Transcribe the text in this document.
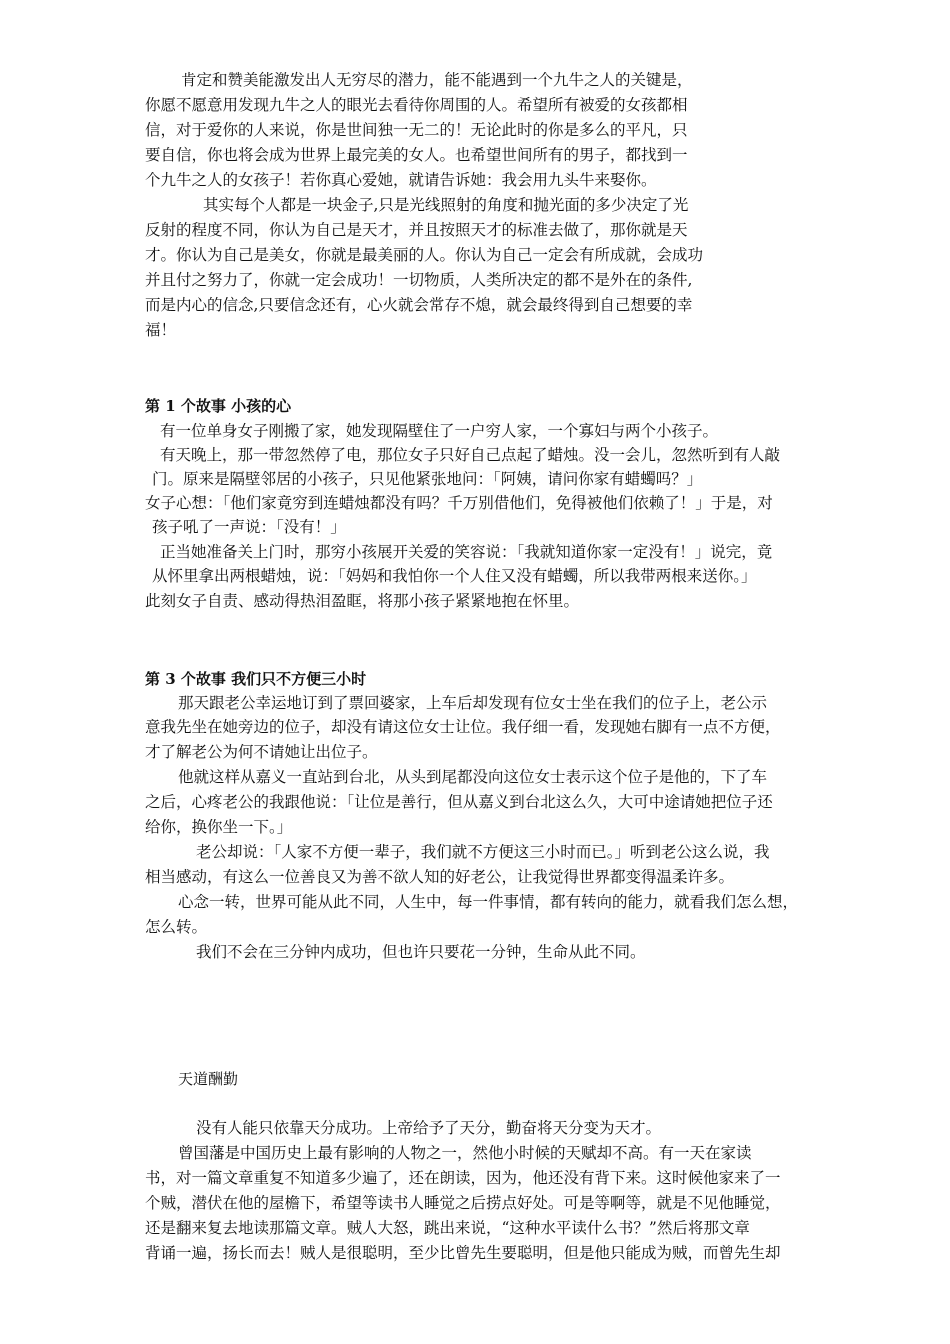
肯定和赞美能激发出人无穷尽的潜力，能不能遇到一个九牛之人的关键是，
你愿不愿意用发现九牛之人的眼光去看待你周围的人。希望所有被爱的女孩都相
信，对于爱你的人来说，你是世间独一无二的！无论此时的你是多么的平凡，只
要自信，你也将会成为世界上最完美的女人。也希望世间所有的男子，都找到一
个九牛之人的女孩子！若你真心爱她，就请告诉她：我会用九头牛来娶你。
其实每个人都是一块金子,只是光线照射的角度和抛光面的多少决定了光
反射的程度不同，你认为自己是天才，并且按照天才的标准去做了，那你就是天
才。你认为自己是美女，你就是最美丽的人。你认为自己一定会有所成就，会成功
并且付之努力了，你就一定会成功！一切物质，人类所决定的都不是外在的条件,
而是内心的信念,只要信念还有，心火就会常存不熄，就会最终得到自己想要的幸
福！
第 1 个故事 小孩的心
有一位单身女子刚搬了家，她发现隔壁住了一户穷人家，一个寡妇与两个小孩子。
有天晚上，那一带忽然停了电，那位女子只好自己点起了蜡烛。没一会儿，忽然听到有人敲
门。原来是隔壁邻居的小孩子，只见他紧张地问：「阿姨，请问你家有蜡蠋吗？」
女子心想：「他们家竟穷到连蜡烛都没有吗？千万别借他们，免得被他们依赖了！」于是，对
孩子吼了一声说：「没有！」
正当她准备关上门时，那穷小孩展开关爱的笑容说：「我就知道你家一定没有！」说完，竟
从怀里拿出两根蜡烛，说：「妈妈和我怕你一个人住又没有蜡蠋，所以我带两根来送你。」
此刻女子自责、感动得热泪盈眶，将那小孩子紧紧地抱在怀里。
第 3 个故事 我们只不方便三小时
那天跟老公幸运地订到了票回婆家，上车后却发现有位女士坐在我们的位子上，老公示
意我先坐在她旁边的位子，却没有请这位女士让位。我仔细一看，发现她右脚有一点不方便，
才了解老公为何不请她让出位子。
他就这样从嘉义一直站到台北，从头到尾都没向这位女士表示这个位子是他的，下了车
之后，心疼老公的我跟他说：「让位是善行，但从嘉义到台北这么久，大可中途请她把位子还
给你，换你坐一下。」
老公却说：「人家不方便一辈子，我们就不方便这三小时而已。」听到老公这么说，我
相当感动，有这么一位善良又为善不欲人知的好老公，让我觉得世界都变得温柔许多。
心念一转，世界可能从此不同，人生中，每一件事情，都有转向的能力，就看我们怎么想，
怎么转。
我们不会在三分钟内成功，但也许只要花一分钟，生命从此不同。
天道酬勤
没有人能只依靠天分成功。上帝给予了天分，勤奋将天分变为天才。
曾国藩是中国历史上最有影响的人物之一，然他小时候的天赋却不高。有一天在家读
书，对一篇文章重复不知道多少遍了，还在朗读，因为，他还没有背下来。这时候他家来了一
个贼，潜伏在他的屋檐下，希望等读书人睡觉之后捞点好处。可是等啊等，就是不见他睡觉，
还是翻来复去地读那篇文章。贼人大怒，跳出来说，“这种水平读什么书？”然后将那文章
背诵一遍，扬长而去！贼人是很聪明，至少比曾先生要聪明，但是他只能成为贼，而曾先生却
